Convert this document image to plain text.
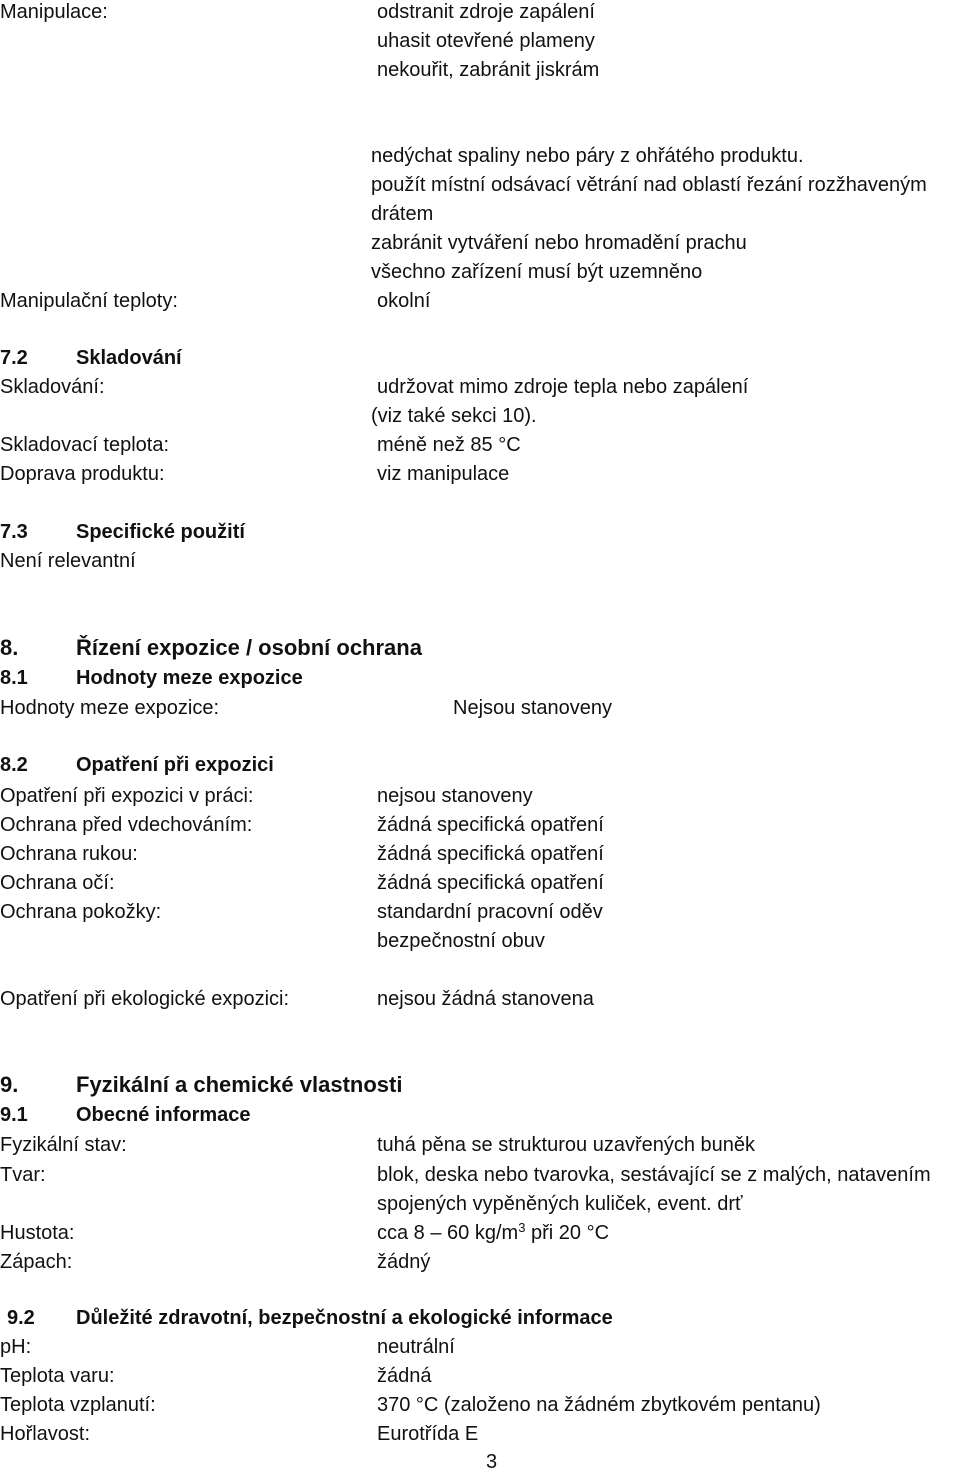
Manipulace:	odstranit zdroje zapálení
uhasit otevřené plameny
nekouřit, zabránit jiskrám
nedýchat spaliny nebo páry z ohřátého produktu.
použít místní odsávací větrání nad oblastí řezání rozžhaveným
drátem
zabránit vytváření nebo hromadění prachu
všechno zařízení musí být uzemněno
Manipulační teploty:	okolní
7.2 Skladování
Skladování:	udržovat mimo zdroje tepla nebo zapálení
(viz také sekci 10).
Skladovací teplota:	méně než 85 °C
Doprava produktu:	viz manipulace
7.3 Specifické použití
Není relevantní
8.	Řízení expozice / osobní ochrana
8.1 Hodnoty meze expozice
Hodnoty meze expozice:	Nejsou stanoveny
8.2 Opatření při expozici
Opatření při expozici v práci:	nejsou stanoveny
Ochrana před vdechováním:	žádná specifická opatření
Ochrana rukou:	žádná specifická opatření
Ochrana očí:	žádná specifická opatření
Ochrana pokožky:	standardní pracovní oděv
bezpečnostní obuv
Opatření při ekologické expozici:	nejsou žádná stanovena
9.	Fyzikální a chemické vlastnosti
9.1 Obecné informace
Fyzikální stav:	tuhá pěna se strukturou uzavřených buněk
Tvar:	blok, deska nebo tvarovka, sestávající se z malých, natavením
spojených vypěněných kuliček, event. drť
Hustota:	cca 8 – 60 $kg/m^3$ při 20 °C
Zápach:	žádný
9.2 Důležité zdravotní, bezpečnostní a ekologické informace
pH:	neutrální
Teplota varu:	žádná
Teplota vzplanutí:	370 °C (založeno na žádném zbytkovém pentanu)
Hořlavost:	Eurotřída E
3
